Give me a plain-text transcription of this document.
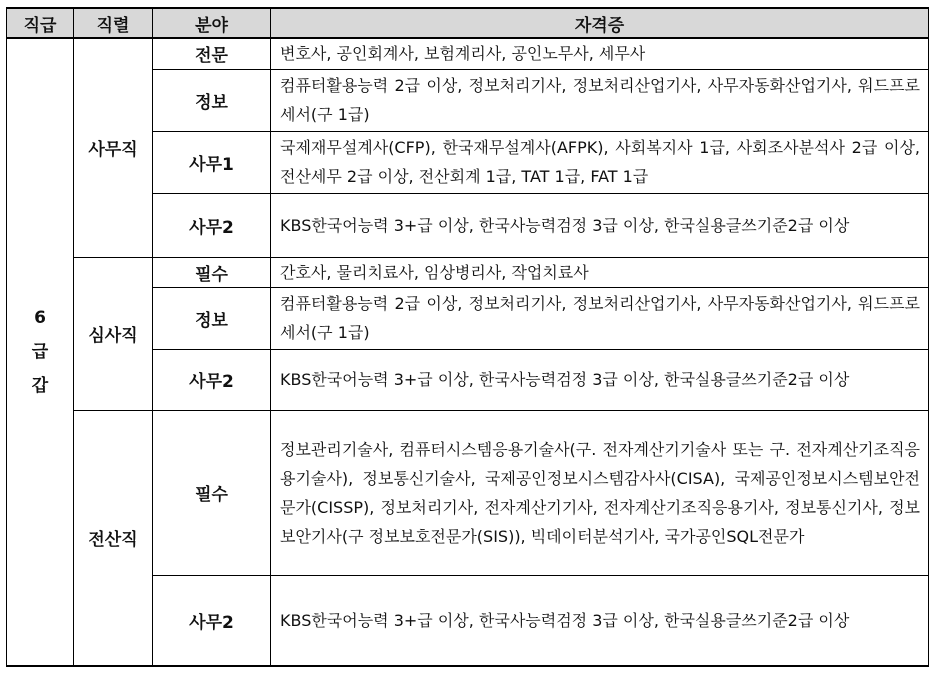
직급	직렬	분야	자격증

6
급
갑	사무직	전문	변호사, 공인회계사, 보험계리사, 공인노무사, 세무사
		정보	컴퓨터활용능력 2급 이상, 정보처리기사, 정보처리산업기사, 사무자동화산업기사, 워드프로세서(구 1급)
		사무1	국제재무설계사(CFP), 한국재무설계사(AFPK), 사회복지사 1급, 사회조사분석사 2급 이상, 전산세무 2급 이상, 전산회계 1급, TAT 1급, FAT 1급
		사무2	KBS한국어능력 3+급 이상, 한국사능력검정 3급 이상, 한국실용글쓰기준2급 이상
	심사직	필수	간호사, 물리치료사, 임상병리사, 작업치료사
		정보	컴퓨터활용능력 2급 이상, 정보처리기사, 정보처리산업기사, 사무자동화산업기사, 워드프로세서(구 1급)
		사무2	KBS한국어능력 3+급 이상, 한국사능력검정 3급 이상, 한국실용글쓰기준2급 이상
	전산직	필수	정보관리기술사, 컴퓨터시스템응용기술사(구. 전자계산기기술사 또는 구. 전자계산기조직응용기술사), 정보통신기술사, 국제공인정보시스템감사사(CISA), 국제공인정보시스템보안전문가(CISSP), 정보처리기사, 전자계산기기사, 전자계산기조직응용기사, 정보통신기사, 정보보안기사(구 정보보호전문가(SIS)), 빅데이터분석기사, 국가공인SQL전문가
		사무2	KBS한국어능력 3+급 이상, 한국사능력검정 3급 이상, 한국실용글쓰기준2급 이상
